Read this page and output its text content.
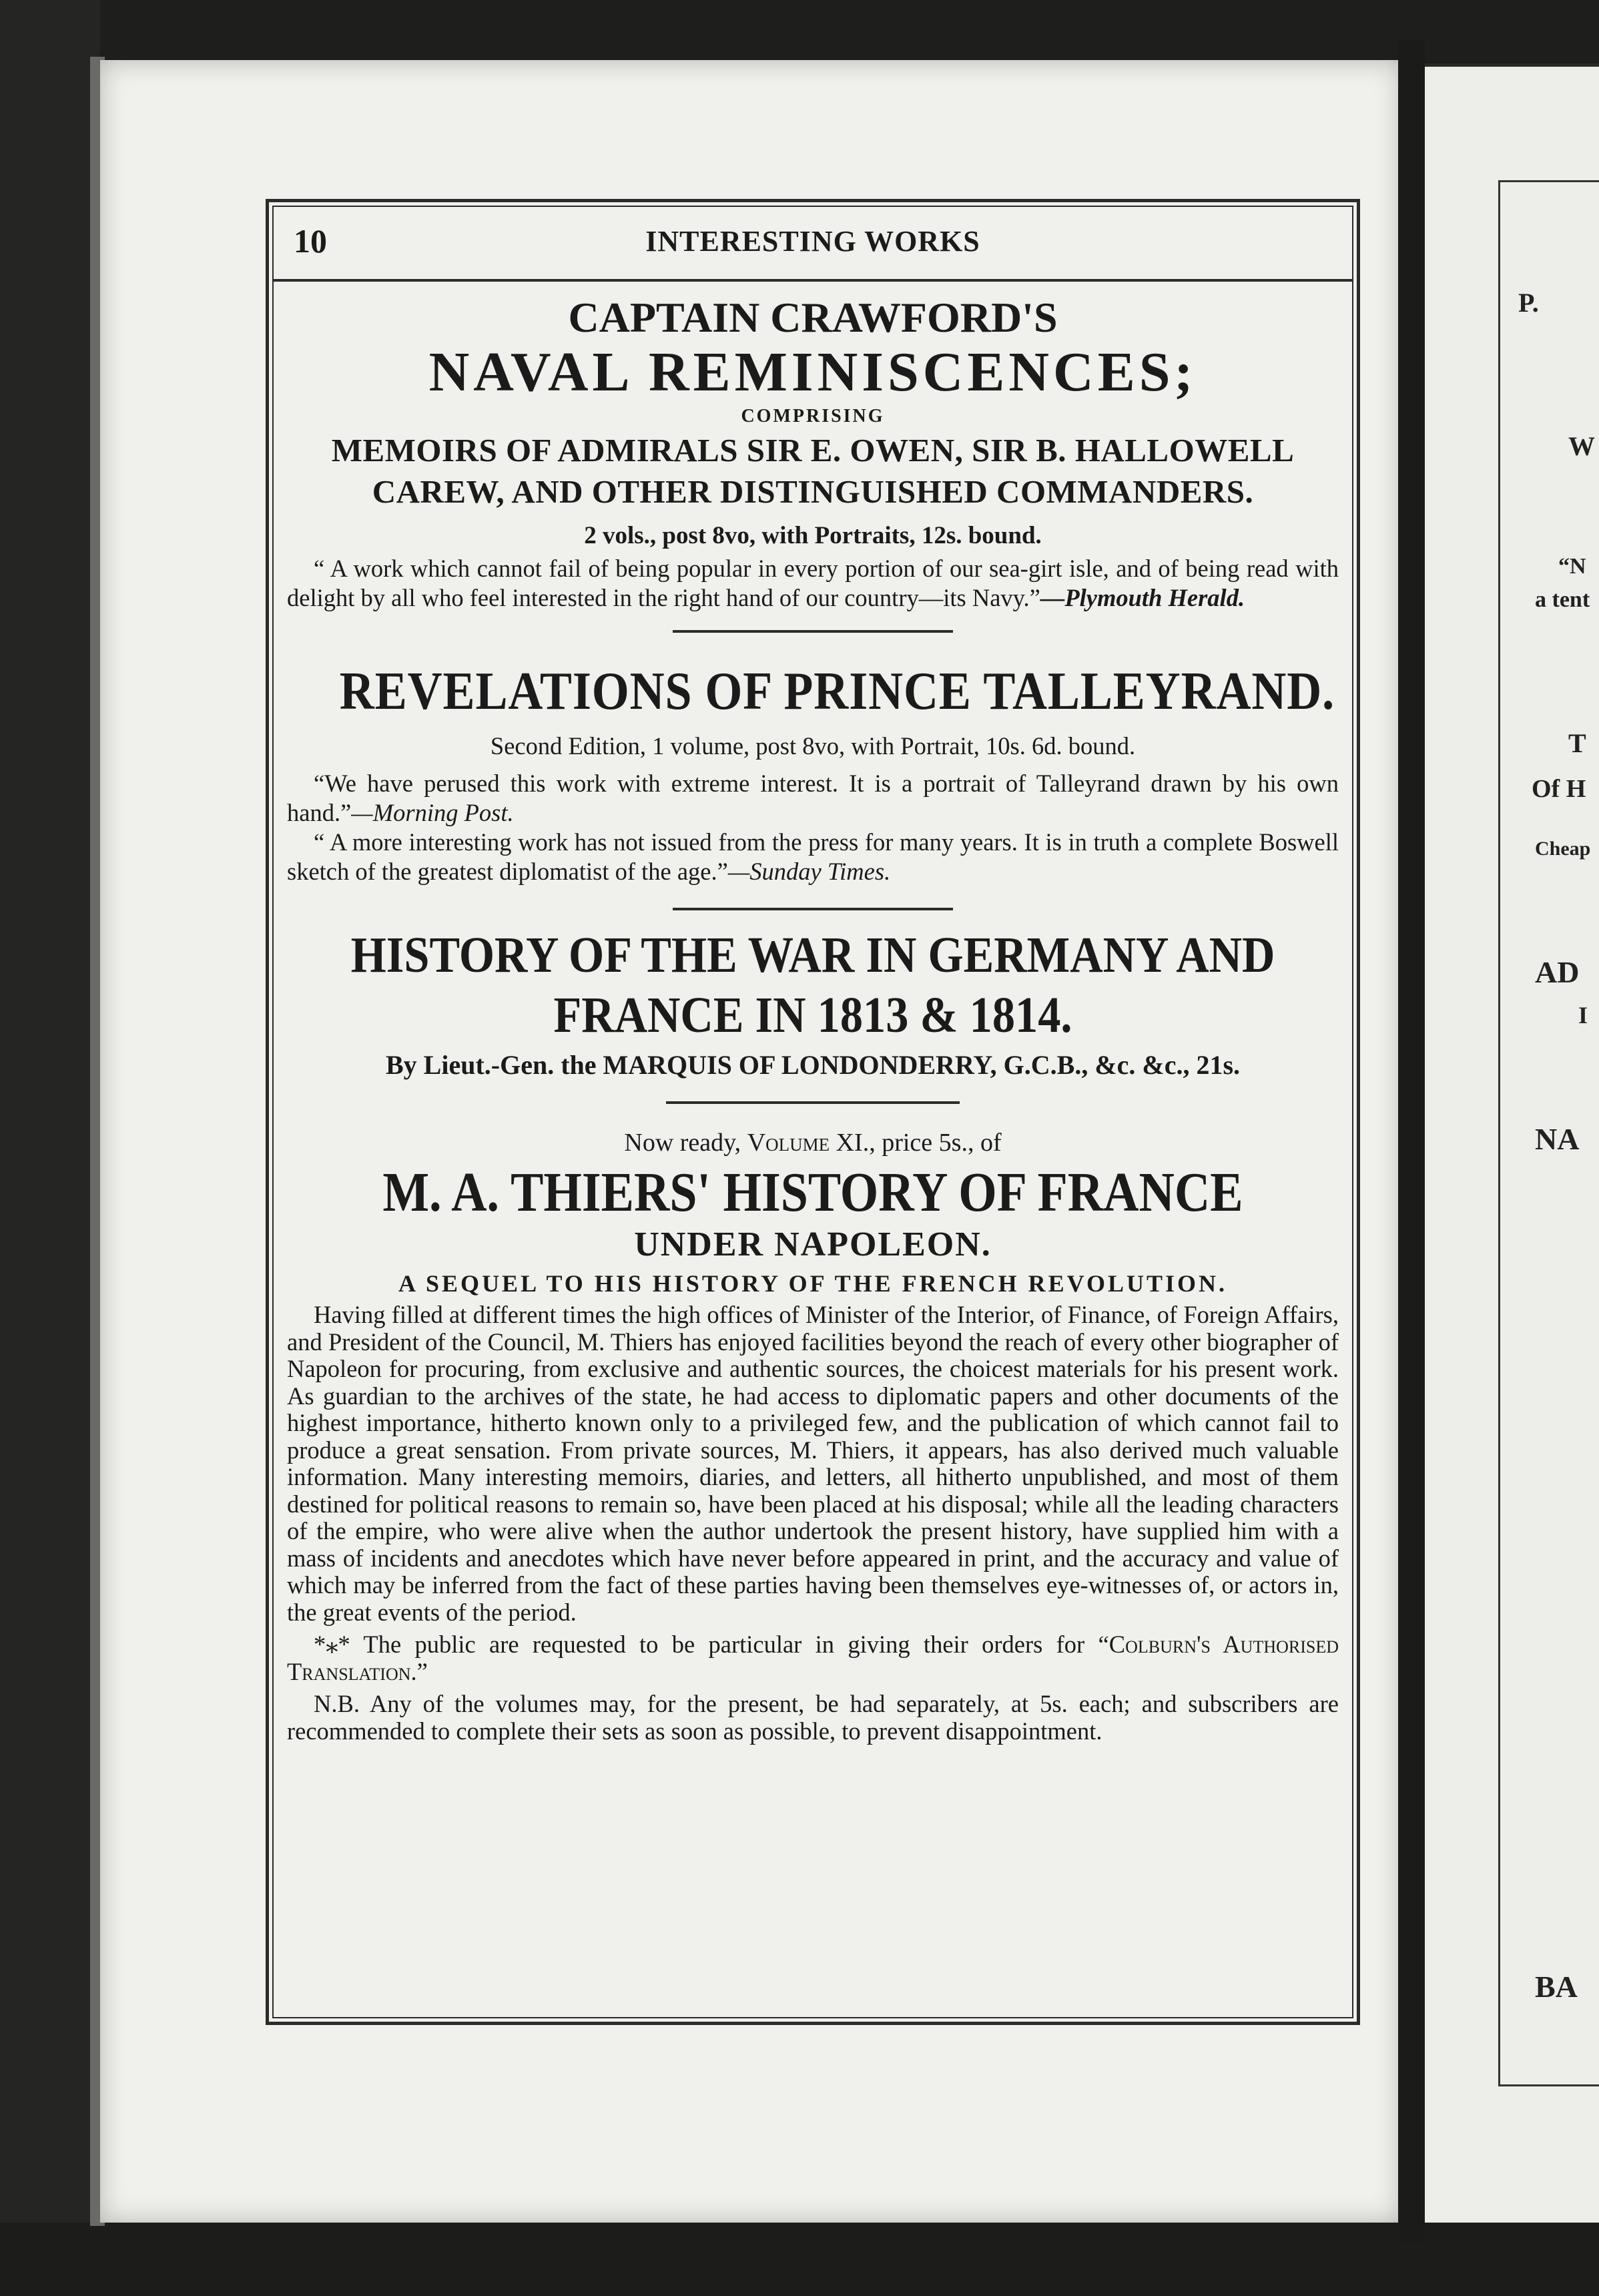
P.
W
“N
a tent
T
Of H
Cheap
AD
I
NA
BA
10	INTERESTING WORKS

CAPTAIN CRAWFORD'S

NAVAL REMINISCENCES;

COMPRISING

MEMOIRS OF ADMIRALS SIR E. OWEN, SIR B. HALLOWELL

CAREW, AND OTHER DISTINGUISHED COMMANDERS.

2 vols., post 8vo, with Portraits, 12s. bound.

“ A work which cannot fail of being popular in every portion of our sea-girt isle, and of being read with delight by all who feel interested in the right hand of our country—its Navy.”—Plymouth Herald.

REVELATIONS OF PRINCE TALLEYRAND.

Second Edition, 1 volume, post 8vo, with Portrait, 10s. 6d. bound.

“We have perused this work with extreme interest. It is a portrait of Talleyrand drawn by his own hand.”—Morning Post.

“ A more interesting work has not issued from the press for many years. It is in truth a complete Boswell sketch of the greatest diplomatist of the age.”—Sunday Times.

HISTORY OF THE WAR IN GERMANY AND

FRANCE IN 1813 & 1814.

By Lieut.-Gen. the MARQUIS OF LONDONDERRY, G.C.B., &c. &c., 21s.

Now ready, Volume XI., price 5s., of

M. A. THIERS' HISTORY OF FRANCE

UNDER NAPOLEON.

A SEQUEL TO HIS HISTORY OF THE FRENCH REVOLUTION.

Having filled at different times the high offices of Minister of the Interior, of Finance, of Foreign Affairs, and President of the Council, M. Thiers has enjoyed facilities beyond the reach of every other biographer of Napoleon for procuring, from exclusive and authentic sources, the choicest materials for his present work. As guardian to the archives of the state, he had access to diplomatic papers and other documents of the highest importance, hitherto known only to a privileged few, and the publication of which cannot fail to produce a great sensation. From private sources, M. Thiers, it appears, has also derived much valuable information. Many interesting memoirs, diaries, and letters, all hitherto unpublished, and most of them destined for political reasons to remain so, have been placed at his disposal; while all the leading characters of the empire, who were alive when the author undertook the present history, have supplied him with a mass of incidents and anecdotes which have never before appeared in print, and the accuracy and value of which may be inferred from the fact of these parties having been themselves eye-witnesses of, or actors in, the great events of the period.

*⁎* The public are requested to be particular in giving their orders for “Colburn's Authorised Translation.”

N.B. Any of the volumes may, for the present, be had separately, at 5s. each; and subscribers are recommended to complete their sets as soon as possible, to prevent disappointment.
